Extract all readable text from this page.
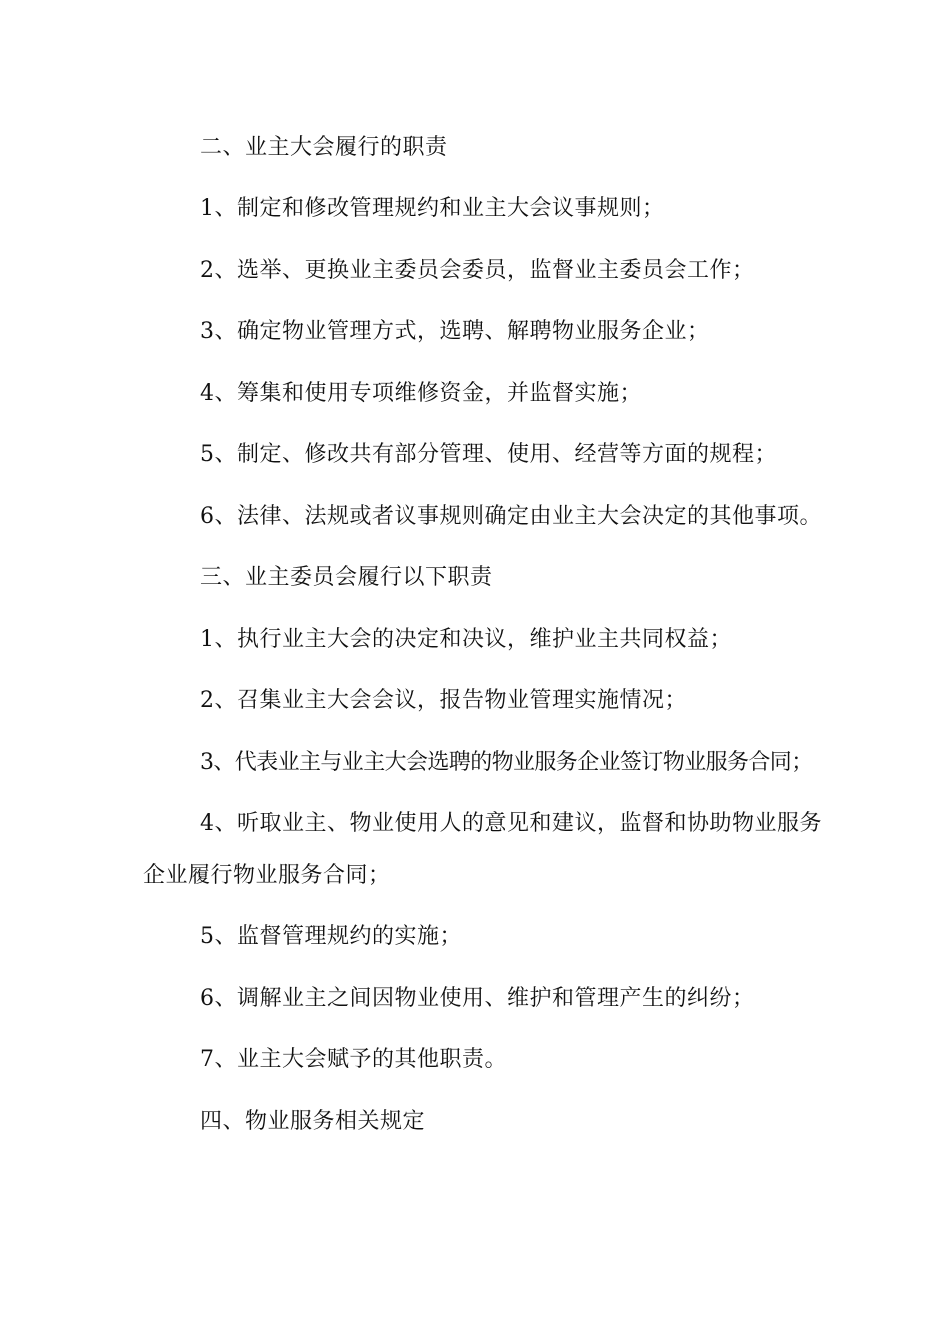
二、业主大会履行的职责
1、制定和修改管理规约和业主大会议事规则；
2、选举、更换业主委员会委员，监督业主委员会工作；
3、确定物业管理方式，选聘、解聘物业服务企业；
4、筹集和使用专项维修资金，并监督实施；
5、制定、修改共有部分管理、使用、经营等方面的规程；
6、法律、法规或者议事规则确定由业主大会决定的其他事项。
三、业主委员会履行以下职责
1、执行业主大会的决定和决议，维护业主共同权益；
2、召集业主大会会议，报告物业管理实施情况；
3、代表业主与业主大会选聘的物业服务企业签订物业服务合同；
4、听取业主、物业使用人的意见和建议，监督和协助物业服务
企业履行物业服务合同；
5、监督管理规约的实施；
6、调解业主之间因物业使用、维护和管理产生的纠纷；
7、业主大会赋予的其他职责。
四、物业服务相关规定
